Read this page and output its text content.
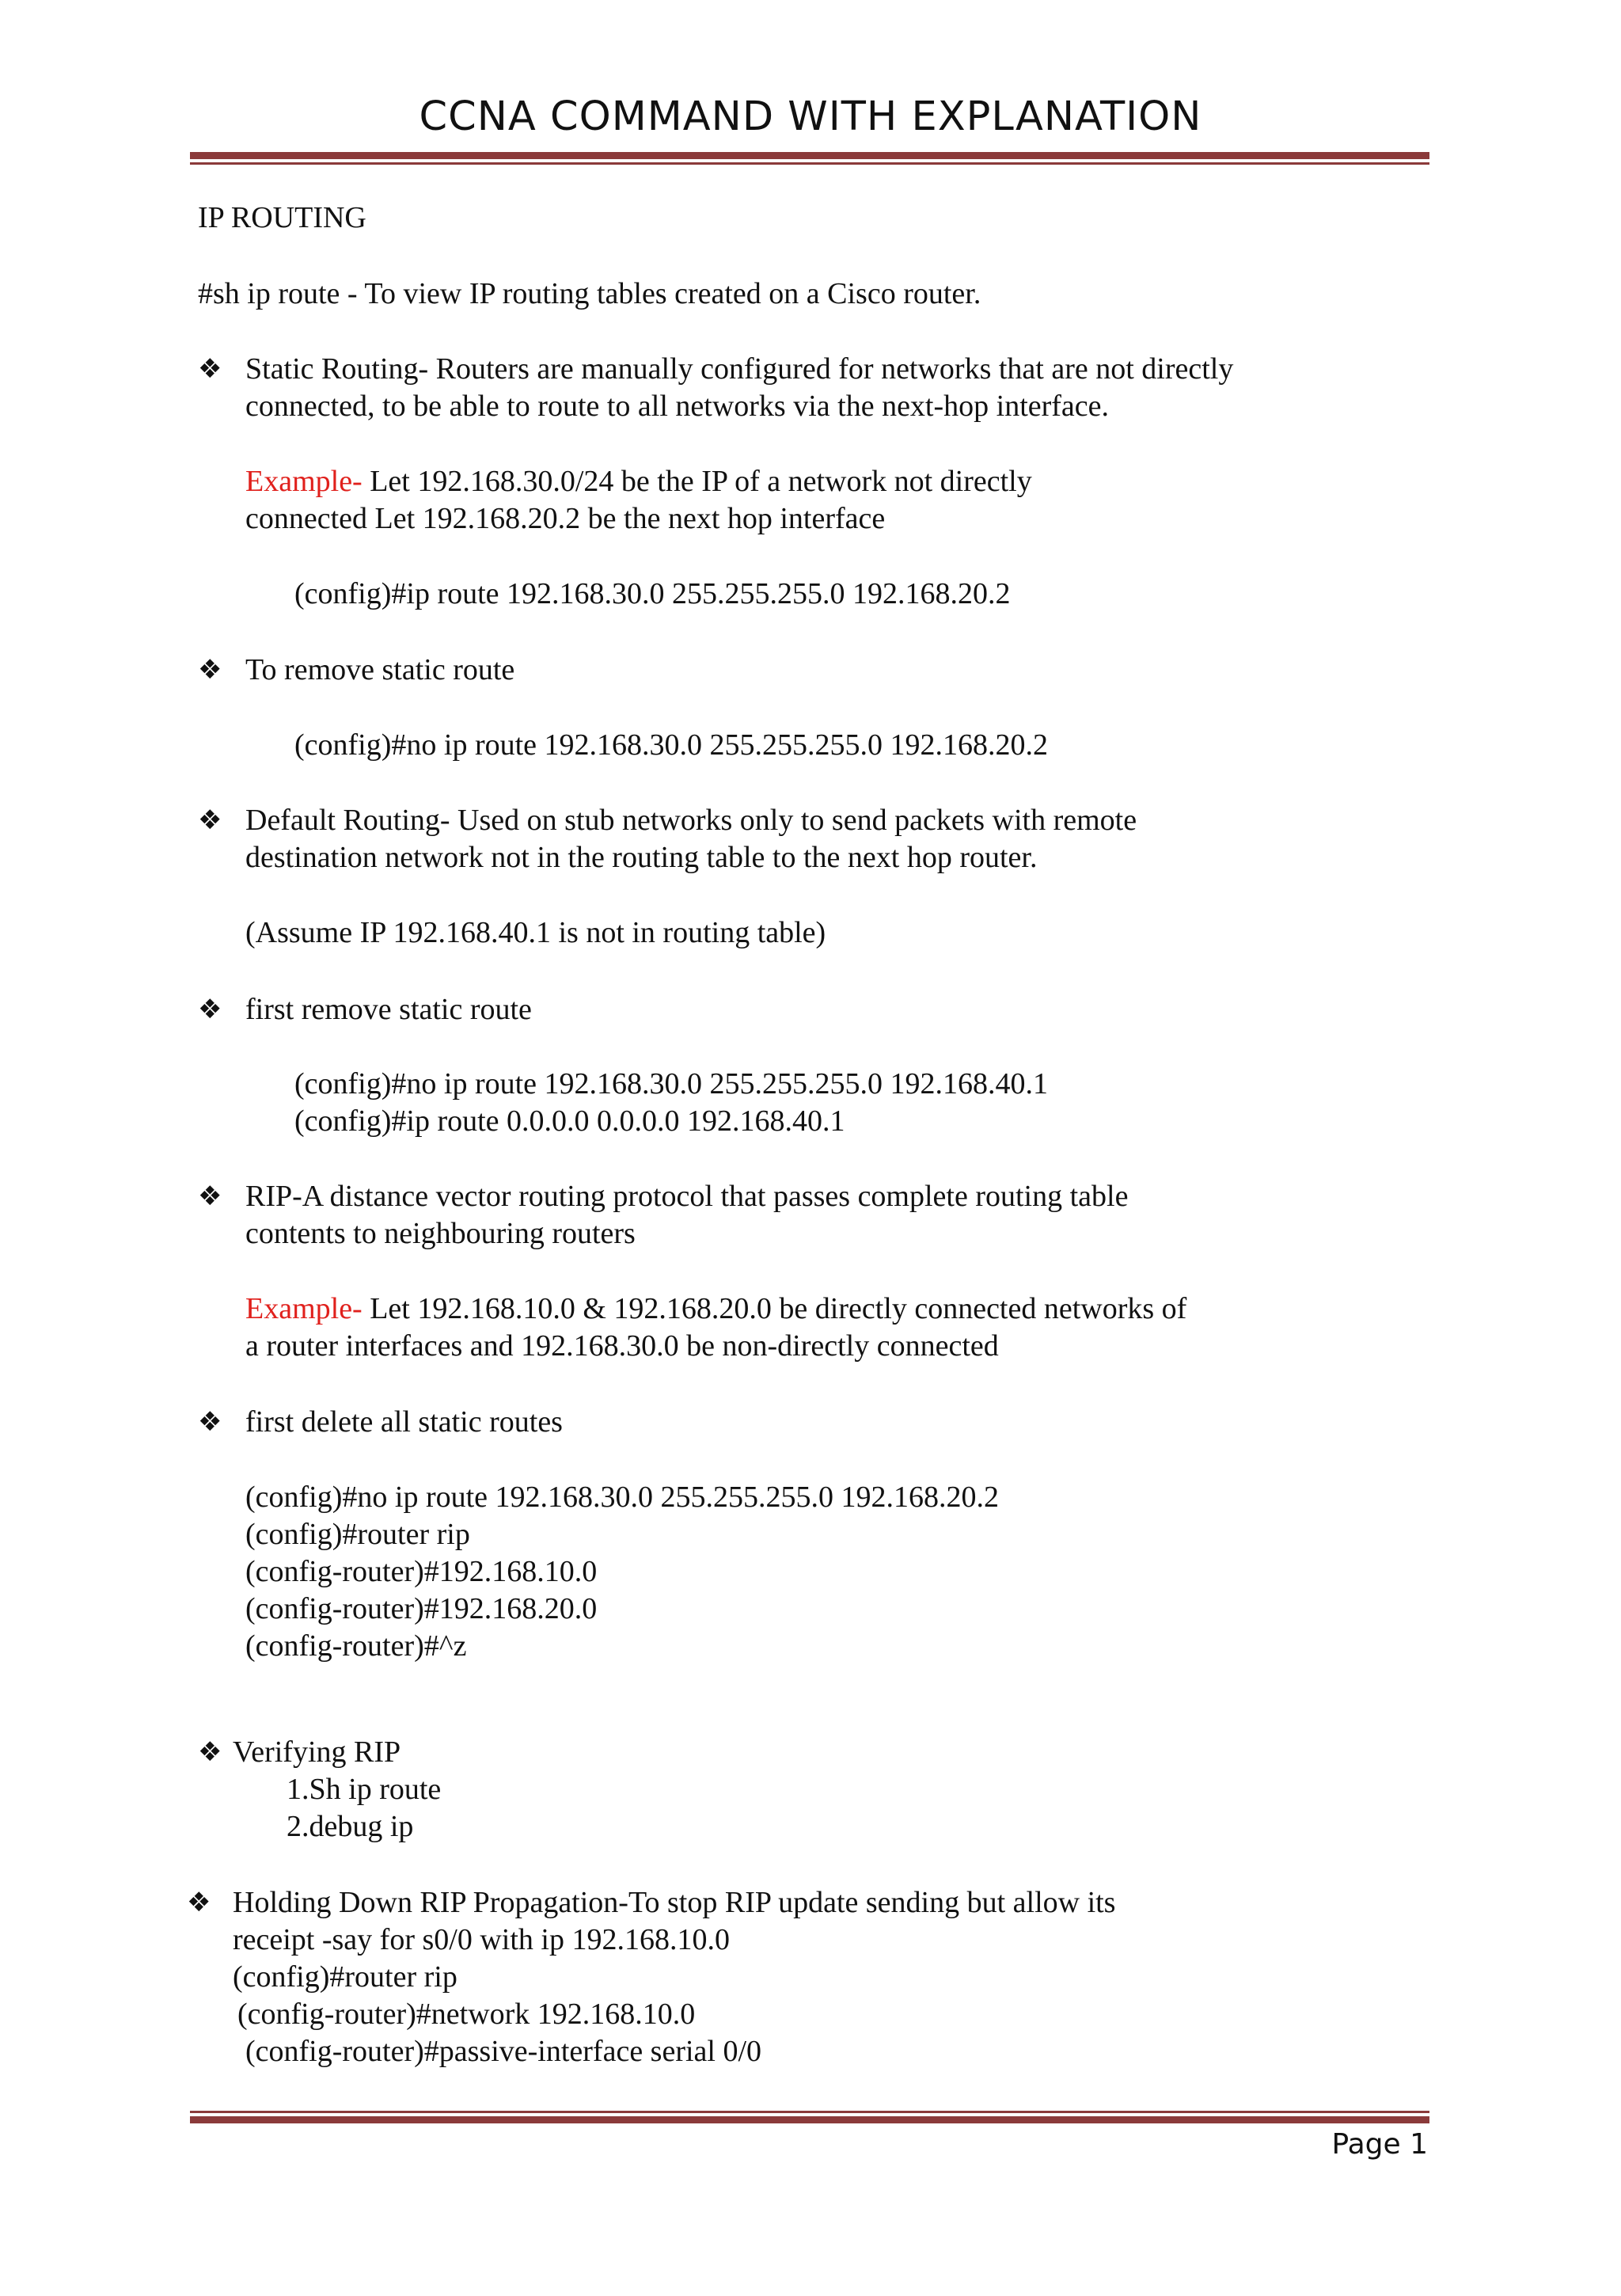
CCNA COMMAND WITH EXPLANATION
IP ROUTING
#sh ip route - To view IP routing tables created on a Cisco router.
❖ Static Routing- Routers are manually configured for networks that are not directly
connected, to be able to route to all networks via the next-hop interface.
Example- Let 192.168.30.0/24 be the IP of a network not directly
connected Let 192.168.20.2 be the next hop interface
(config)#ip route 192.168.30.0 255.255.255.0 192.168.20.2
❖ To remove static route
(config)#no ip route 192.168.30.0 255.255.255.0 192.168.20.2
❖ Default Routing- Used on stub networks only to send packets with remote
destination network not in the routing table to the next hop router.
(Assume IP 192.168.40.1 is not in routing table)
❖ first remove static route
(config)#no ip route 192.168.30.0 255.255.255.0 192.168.40.1
(config)#ip route 0.0.0.0 0.0.0.0 192.168.40.1
❖ RIP-A distance vector routing protocol that passes complete routing table
contents to neighbouring routers
Example- Let 192.168.10.0 & 192.168.20.0 be directly connected networks of
a router interfaces and 192.168.30.0 be non-directly connected
❖ first delete all static routes
(config)#no ip route 192.168.30.0 255.255.255.0 192.168.20.2
(config)#router rip
(config-router)#192.168.10.0
(config-router)#192.168.20.0
(config-router)#^z
❖ Verifying RIP
1.Sh ip route
2.debug ip
❖ Holding Down RIP Propagation-To stop RIP update sending but allow its
receipt -say for s0/0 with ip 192.168.10.0
(config)#router rip
(config-router)#network 192.168.10.0
(config-router)#passive-interface serial 0/0
Page 1
